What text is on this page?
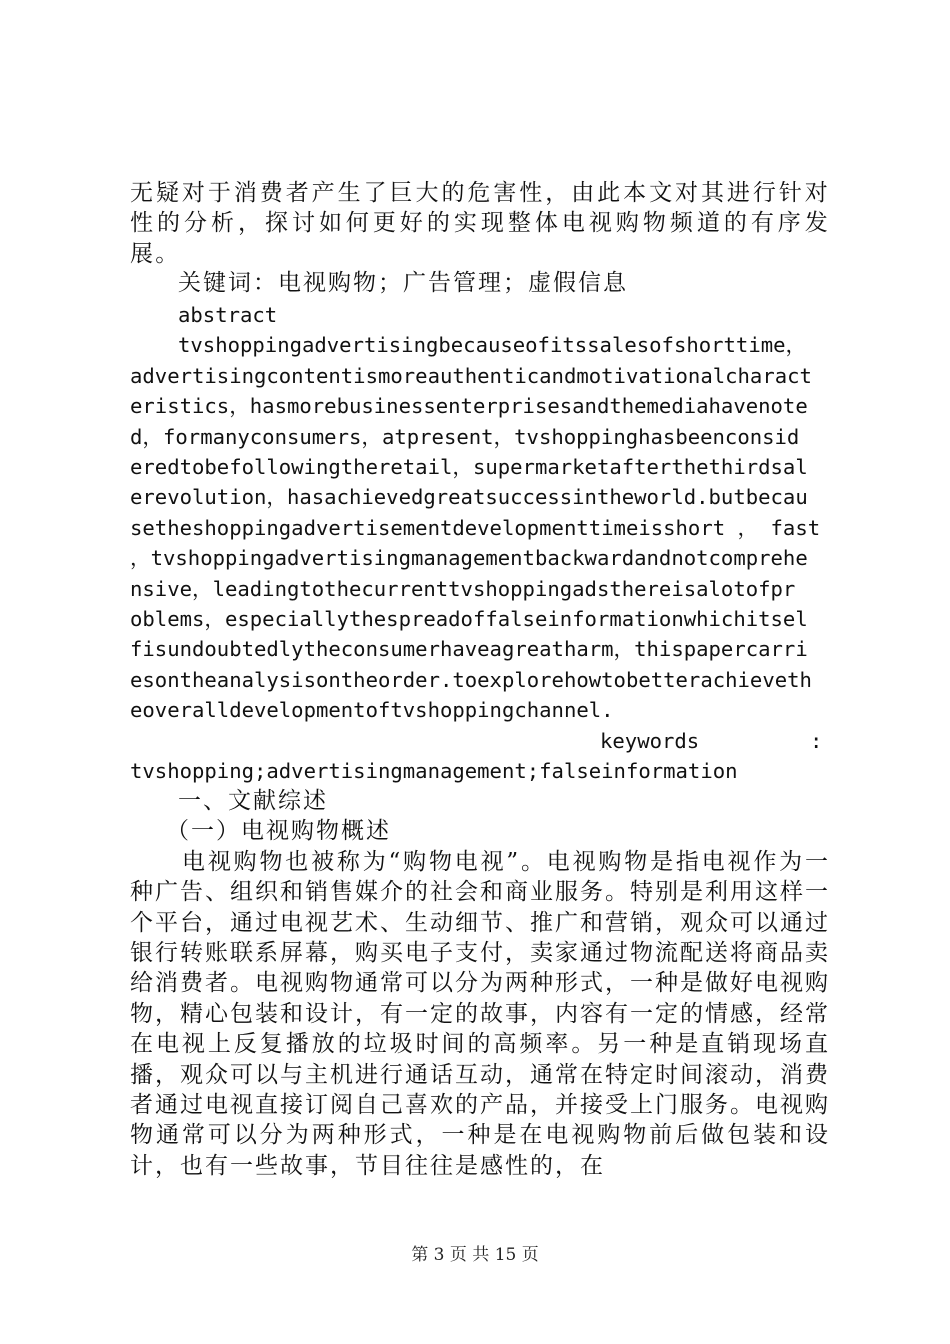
无疑对于消费者产生了巨大的危害性，由此本文对其进行针对性的分析，探讨如何更好的实现整体电视购物频道的有序发展。
关键词：电视购物；广告管理；虚假信息
abstract
tvshoppingadvertisingbecauseofitssalesofshorttime，
advertisingcontentismoreauthenticandmotivationalcharact
eristics，hasmorebusinessenterprisesandthemediahavenote
d，formanyconsumers，atpresent，tvshoppinghasbeenconsid
eredtobefollowingtheretail，supermarketafterthethirdsal
erevolution，hasachievedgreatsuccessintheworld.butbecau
setheshoppingadvertisementdevelopmenttimeisshort ， fast
，tvshoppingadvertisingmanagementbackwardandnotcomprehe
nsive，leadingtothecurrenttvshoppingadsthereisalotofpr
oblems，especiallythespreadoffalseinformationwhichitsel
fisundoubtedlytheconsumerhaveagreatharm，thispapercarri
esontheanalysisontheorder.toexplorehowtobetterachieveth
eoveralldevelopmentoftvshoppingchannel.
keywords	:
tvshopping;advertisingmanagement;falseinformation
一、文献综述
（一）电视购物概述
电视购物也被称为“购物电视”。电视购物是指电视作为一种广告、组织和销售媒介的社会和商业服务。特别是利用这样一个平台，通过电视艺术、生动细节、推广和营销，观众可以通过银行转账联系屏幕，购买电子支付，卖家通过物流配送将商品卖给消费者。电视购物通常可以分为两种形式，一种是做好电视购物，精心包装和设计，有一定的故事，内容有一定的情感，经常在电视上反复播放的垃圾时间的高频率。另一种是直销现场直播，观众可以与主机进行通话互动，通常在特定时间滚动，消费者通过电视直接订阅自己喜欢的产品，并接受上门服务。电视购物通常可以分为两种形式，一种是在电视购物前后做包装和设计，也有一些故事，节目往往是感性的，在
第 3 页 共 15 页
